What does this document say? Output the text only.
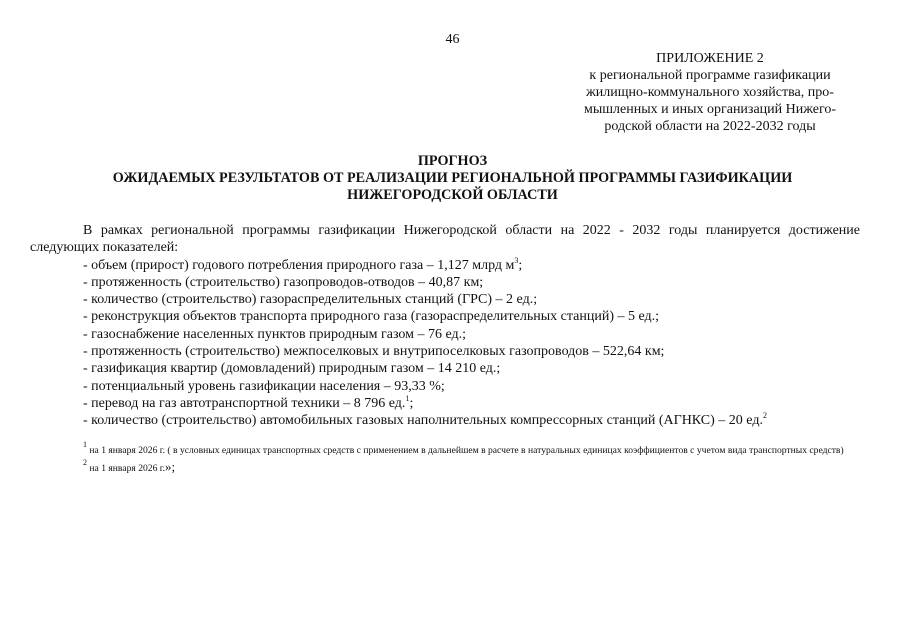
46
ПРИЛОЖЕНИЕ 2
к региональной программе газификации
жилищно-коммунального хозяйства, про-
мышленных и иных организаций Нижего-
родской области на 2022-2032 годы
ПРОГНОЗ
ОЖИДАЕМЫХ РЕЗУЛЬТАТОВ ОТ РЕАЛИЗАЦИИ РЕГИОНАЛЬНОЙ ПРОГРАММЫ ГАЗИФИКАЦИИ
НИЖЕГОРОДСКОЙ ОБЛАСТИ

В рамках региональной программы газификации Нижегородской области на 2022 - 2032 годы планируется достижение следующих показателей:

- объем (прирост) годового потребления природного газа – 1,127 млрд $м^3$;
- протяженность (строительство) газопроводов-отводов – 40,87 км;
- количество (строительство) газораспределительных станций (ГРС) – 2 ед.;
- реконструкция объектов транспорта природного газа (газораспределительных станций) – 5 ед.;
- газоснабжение населенных пунктов природным газом – 76 ед.;
- протяженность (строительство) межпоселковых и внутрипоселковых газопроводов – 522,64 км;
- газификация квартир (домовладений) природным газом – 14 210 ед.;
- потенциальный уровень газификации населения – 93,33 %;
- перевод на газ автотранспортной техники – 8 796 ед.$^1$;
- количество (строительство) автомобильных газовых наполнительных компрессорных станций (АГНКС) – 20 ед.$^2$

$^1$ на 1 января 2026 г. ( в условных единицах транспортных средств с применением в дальнейшем в расчете в натуральных единицах коэффициентов с учетом вида транспортных средств)

$^2$ на 1 января 2026 г.»;
